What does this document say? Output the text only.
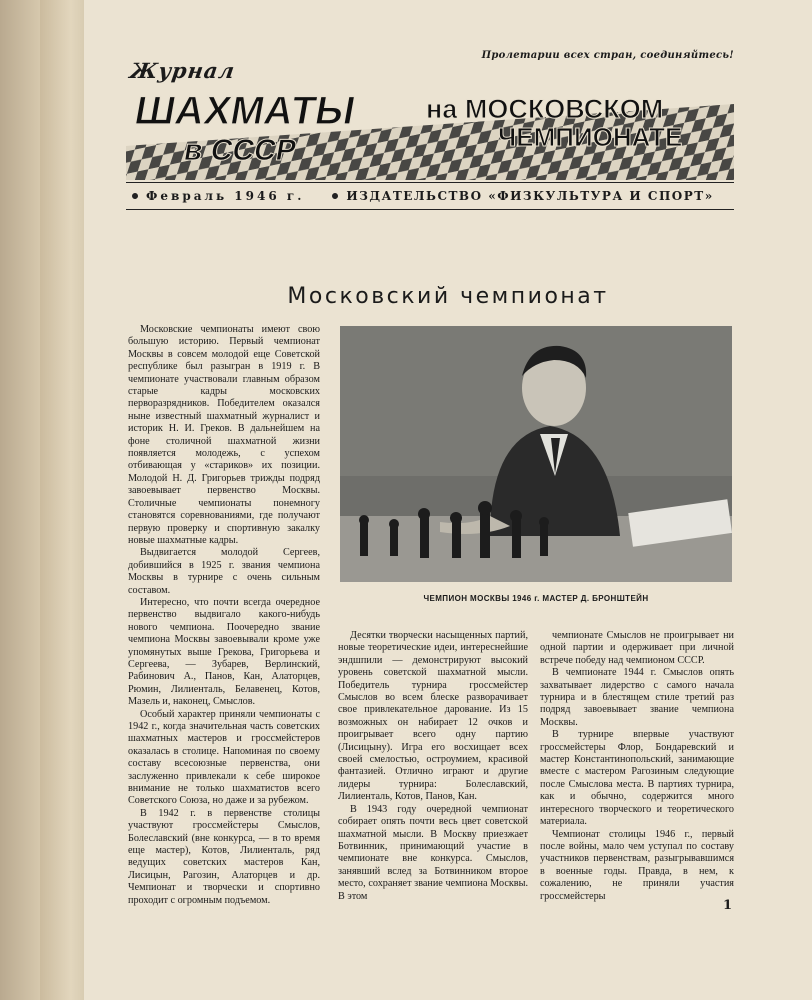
Пролетарии всех стран, соединяйтесь!
Журнал
ШАХМАТЫ
в СССР
на МОСКОВСКОМ
ЧЕМПИОНАТЕ
Февраль 1946 г.	ИЗДАТЕЛЬСТВО «ФИЗКУЛЬТУРА И СПОРТ»
Московский чемпионат

Московские чемпионаты имеют свою большую историю. Первый чемпионат Москвы в совсем молодой еще Советской республике был разыгран в 1919 г. В чемпионате участвовали главным образом старые кадры московских перворазрядников. Победителем оказался ныне известный шахматный журналист и историк Н. И. Греков. В дальнейшем на фоне столичной шахматной жизни появляется молодежь, с успехом отбивающая у «стариков» их позиции. Молодой Н. Д. Григорьев трижды подряд завоевывает первенство Москвы. Столичные чемпионаты понемногу становятся соревнованиями, где получают первую проверку и спортивную закалку новые шахматные кадры.

Выдвигается молодой Сергеев, добившийся в 1925 г. звания чемпиона Москвы в турнире с очень сильным составом.

Интересно, что почти всегда очередное первенство выдвигало какого-нибудь нового чемпиона. Поочередно звание чемпиона Москвы завоевывали кроме уже упомянутых выше Грекова, Григорьева и Сергеева, — Зубарев, Верлинский, Рабинович А., Панов, Кан, Алаторцев, Рюмин, Лилиенталь, Белавенец, Котов, Мазель и, наконец, Смыслов.

Особый характер приняли чемпионаты с 1942 г., когда значительная часть советских шахматных мастеров и гроссмейстеров оказалась в столице. Напоминая по своему составу всесоюзные первенства, они заслуженно привлекали к себе широкое внимание не только шахматистов всего Советского Союза, но даже и за рубежом.

В 1942 г. в первенстве столицы участвуют гроссмейстеры Смыслов, Болеславский (вне конкурса, — в то время еще мастер), Котов, Лилиенталь, ряд ведущих советских мастеров Кан, Лисицын, Рагозин, Алаторцев и др. Чемпионат и творчески и спортивно проходит с огромным подъемом.

ЧЕМПИОН МОСКВЫ 1946 г. МАСТЕР Д. БРОНШТЕЙН

Десятки творчески насыщенных партий, новые теоретические идеи, интереснейшие эндшпили — демонстрируют высокий уровень советской шахматной мысли. Победитель турнира гроссмейстер Смыслов во всем блеске разворачивает свое привлекательное дарование. Из 15 возможных он набирает 12 очков и проигрывает всего одну партию (Лисицыну). Игра его восхищает всех своей смелостью, остроумием, красивой фантазией. Отлично играют и другие лидеры турнира: Болеславский, Лилиенталь, Котов, Панов, Кан.

В 1943 году очередной чемпионат собирает опять почти весь цвет советской шахматной мысли. В Москву приезжает Ботвинник, принимающий участие в чемпионате вне конкурса. Смыслов, занявший вслед за Ботвинником второе место, сохраняет звание чемпиона Москвы. В этом

чемпионате Смыслов не проигрывает ни одной партии и одерживает при личной встрече победу над чемпионом СССР.

В чемпионате 1944 г. Смыслов опять захватывает лидерство с самого начала турнира и в блестящем стиле третий раз подряд завоевывает звание чемпиона Москвы.

В турнире впервые участвуют гроссмейстеры Флор, Бондаревский и мастер Константинопольский, занимающие вместе с мастером Рагозиным следующие после Смыслова места. В партиях турнира, как и обычно, содержится много интересного творческого и теоретического материала.

Чемпионат столицы 1946 г., первый после войны, мало чем уступал по составу участников первенствам, разыгрывавшимся в военные годы. Правда, в нем, к сожалению, не приняли участия гроссмейстеры

1
